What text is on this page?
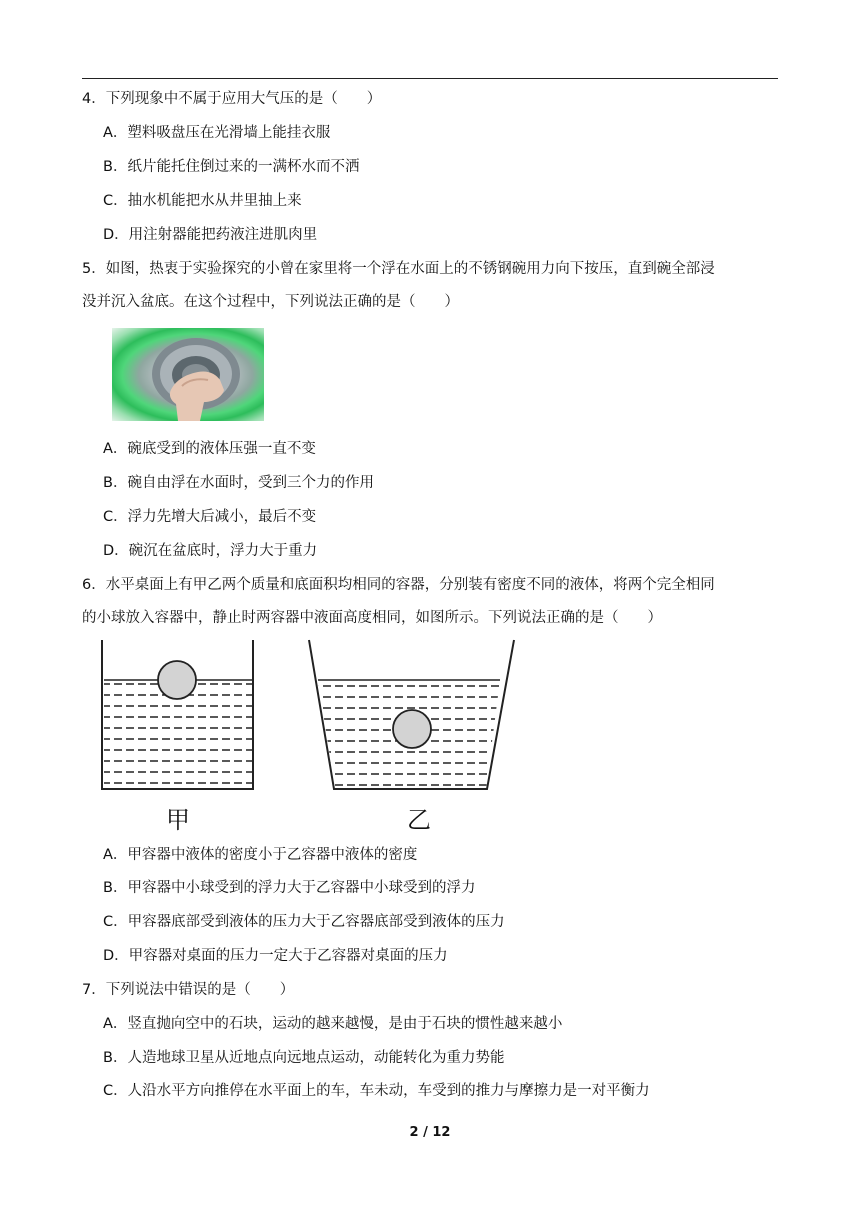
4．下列现象中不属于应用大气压的是（　　）
A．塑料吸盘压在光滑墙上能挂衣服
B．纸片能托住倒过来的一满杯水而不洒
C．抽水机能把水从井里抽上来
D．用注射器能把药液注进肌肉里
5．如图，热衷于实验探究的小曾在家里将一个浮在水面上的不锈钢碗用力向下按压，直到碗全部浸
没并沉入盆底。在这个过程中，下列说法正确的是（　　）
A．碗底受到的液体压强一直不变
B．碗自由浮在水面时，受到三个力的作用
C．浮力先增大后减小，最后不变
D．碗沉在盆底时，浮力大于重力
6．水平桌面上有甲乙两个质量和底面积均相同的容器，分别装有密度不同的液体，将两个完全相同
的小球放入容器中，静止时两容器中液面高度相同，如图所示。下列说法正确的是（　　）
甲	乙
A．甲容器中液体的密度小于乙容器中液体的密度
B．甲容器中小球受到的浮力大于乙容器中小球受到的浮力
C．甲容器底部受到液体的压力大于乙容器底部受到液体的压力
D．甲容器对桌面的压力一定大于乙容器对桌面的压力
7．下列说法中错误的是（　　）
A．竖直抛向空中的石块，运动的越来越慢，是由于石块的惯性越来越小
B．人造地球卫星从近地点向远地点运动，动能转化为重力势能
C．人沿水平方向推停在水平面上的车，车未动，车受到的推力与摩擦力是一对平衡力
2 / 12
